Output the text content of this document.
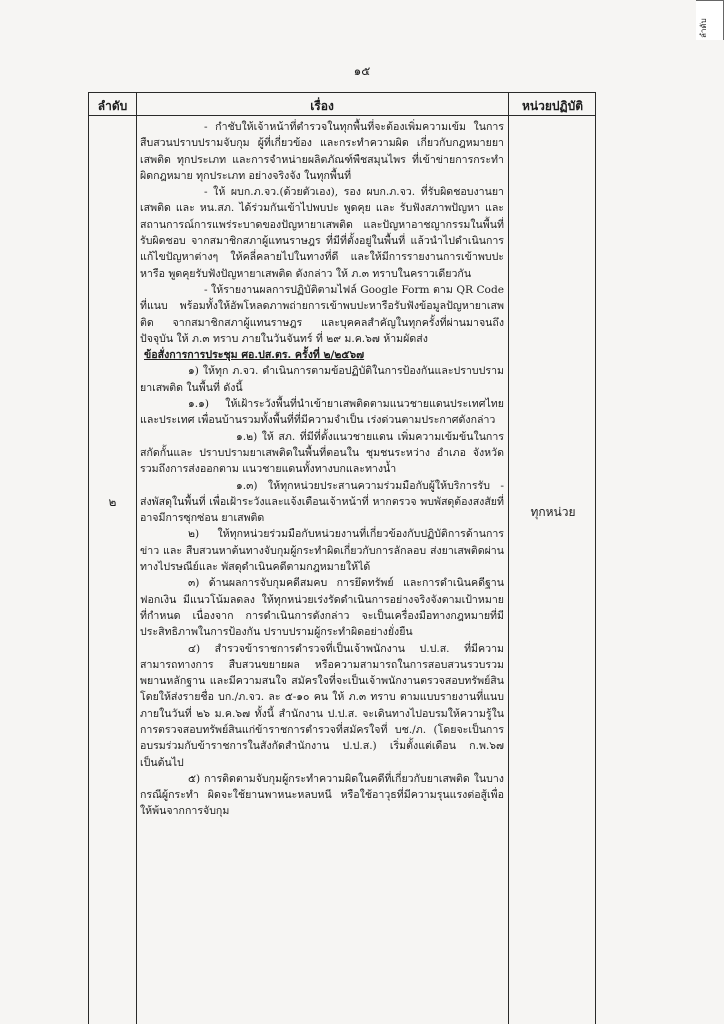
ลำดับ
๑๕
ลำดับ	เรื่อง	หน่วยปฏิบัติ
๒
ทุกหน่วย

- กำชับให้เจ้าหน้าที่ตำรวจในทุกพื้นที่จะต้องเพิ่มความเข้ม ในการสืบสวนปราบปรามจับกุม ผู้ที่เกี่ยวข้อง และกระทำความผิด เกี่ยวกับกฎหมายยาเสพติด ทุกประเภท และการจำหน่ายผลิตภัณฑ์พืชสมุนไพร ที่เข้าข่ายการกระทำผิดกฎหมาย ทุกประเภท อย่างจริงจัง ในทุกพื้นที่

- ให้ ผบก.ภ.จว.(ด้วยตัวเอง), รอง ผบก.ภ.จว. ที่รับผิดชอบงานยาเสพติด และ หน.สภ. ได้ร่วมกันเข้าไปพบปะ พูดคุย และ รับฟังสภาพปัญหา และสถานการณ์การแพร่ระบาดของปัญหายาเสพติด และปัญหาอาชญากรรมในพื้นที่รับผิดชอบ จากสมาชิกสภาผู้แทนราษฎร ที่มีที่ตั้งอยู่ในพื้นที่ แล้วนำไปดำเนินการแก้ไขปัญหาต่างๆ ให้คลี่คลายไปในทางที่ดี และให้มีการรายงานการเข้าพบปะหารือ พูดคุยรับฟังปัญหายาเสพติด ดังกล่าว ให้ ภ.๓ ทราบในคราวเดียวกัน

- ให้รายงานผลการปฏิบัติตามไฟล์ Google Form ตาม QR Code ที่แนบ พร้อมทั้งให้อัพโหลดภาพถ่ายการเข้าพบปะหารือรับฟังข้อมูลปัญหายาเสพติด จากสมาชิกสภาผู้แทนราษฎร และบุคคลสำคัญในทุกครั้งที่ผ่านมาจนถึงปัจจุบัน ให้ ภ.๓ ทราบ ภายในวันจันทร์ ที่ ๒๙ ม.ค.๖๗ ห้ามผัดส่ง

ข้อสั่งการการประชุม ศอ.ปส.ตร. ครั้งที่ ๒/๒๕๖๗

๑) ให้ทุก ภ.จว. ดำเนินการตามข้อปฏิบัติในการป้องกันและปราบปรามยาเสพติด ในพื้นที่ ดังนี้

๑.๑) ให้เฝ้าระวังพื้นที่นำเข้ายาเสพติดตามแนวชายแดนประเทศไทยและประเทศ เพื่อนบ้านรวมทั้งพื้นที่ที่มีความจำเป็น เร่งด่วนตามประกาศดังกล่าว

๑.๒) ให้ สภ. ที่มีที่ตั้งแนวชายแดน เพิ่มความเข้มข้นในการสกัดกั้นและ ปราบปรามยาเสพติดในพื้นที่ตอนใน ชุมชนระหว่าง อำเภอ จังหวัด รวมถึงการส่งออกตาม แนวชายแดนทั้งทางบกและทางน้ำ

๑.๓) ให้ทุกหน่วยประสานความร่วมมือกับผู้ให้บริการรับ - ส่งพัสดุในพื้นที่ เพื่อเฝ้าระวังและแจ้งเตือนเจ้าหน้าที่ หากตรวจ พบพัสดุต้องสงสัยที่อาจมีการซุกซ่อน ยาเสพติด

๒) ให้ทุกหน่วยร่วมมือกับหน่วยงานที่เกี่ยวข้องกับปฏิบัติการด้านการข่าว และ สืบสวนหาต้นทางจับกุมผู้กระทำผิดเกี่ยวกับการลักลอบ ส่งยาเสพติดผ่านทางไปรษณีย์และ พัสดุดำเนินคดีตามกฎหมายให้ได้

๓) ด้านผลการจับกุมคดีสมคบ การยึดทรัพย์ และการดำเนินคดีฐานฟอกเงิน มีแนวโน้มลดลง ให้ทุกหน่วยเร่งรัดดำเนินการอย่างจริงจังตามเป้าหมายที่กำหนด เนื่องจาก การดำเนินการดังกล่าว จะเป็นเครื่องมือทางกฎหมายที่มีประสิทธิภาพในการป้องกัน ปราบปรามผู้กระทำผิดอย่างยั่งยืน

๔) สำรวจข้าราชการตำรวจที่เป็นเจ้าพนักงาน ป.ป.ส. ที่มีความสามารถทางการ สืบสวนขยายผล หรือความสามารถในการสอบสวนรวบรวมพยานหลักฐาน และมีความสนใจ สมัครใจที่จะเป็นเจ้าพนักงานตรวจสอบทรัพย์สิน โดยให้ส่งรายชื่อ บก./ภ.จว. ละ ๕-๑๐ คน ให้ ภ.๓ ทราบ ตามแบบรายงานที่แนบ ภายในวันที่ ๒๖ ม.ค.๖๗ ทั้งนี้ สำนักงาน ป.ป.ส. จะเดินทางไปอบรมให้ความรู้ในการตรวจสอบทรัพย์สินแก่ข้าราชการตำรวจที่สมัครใจที่ บช./ภ. (โดยจะเป็นการอบรมร่วมกับข้าราชการในสังกัดสำนักงาน ป.ป.ส.) เริ่มตั้งแต่เดือน ก.พ.๖๗ เป็นต้นไป

๕) การติดตามจับกุมผู้กระทำความผิดในคดีที่เกี่ยวกับยาเสพติด ในบางกรณีผู้กระทำ ผิดจะใช้ยานพาหนะหลบหนี หรือใช้อาวุธที่มีความรุนแรงต่อสู้เพื่อให้พ้นจากการจับกุม
